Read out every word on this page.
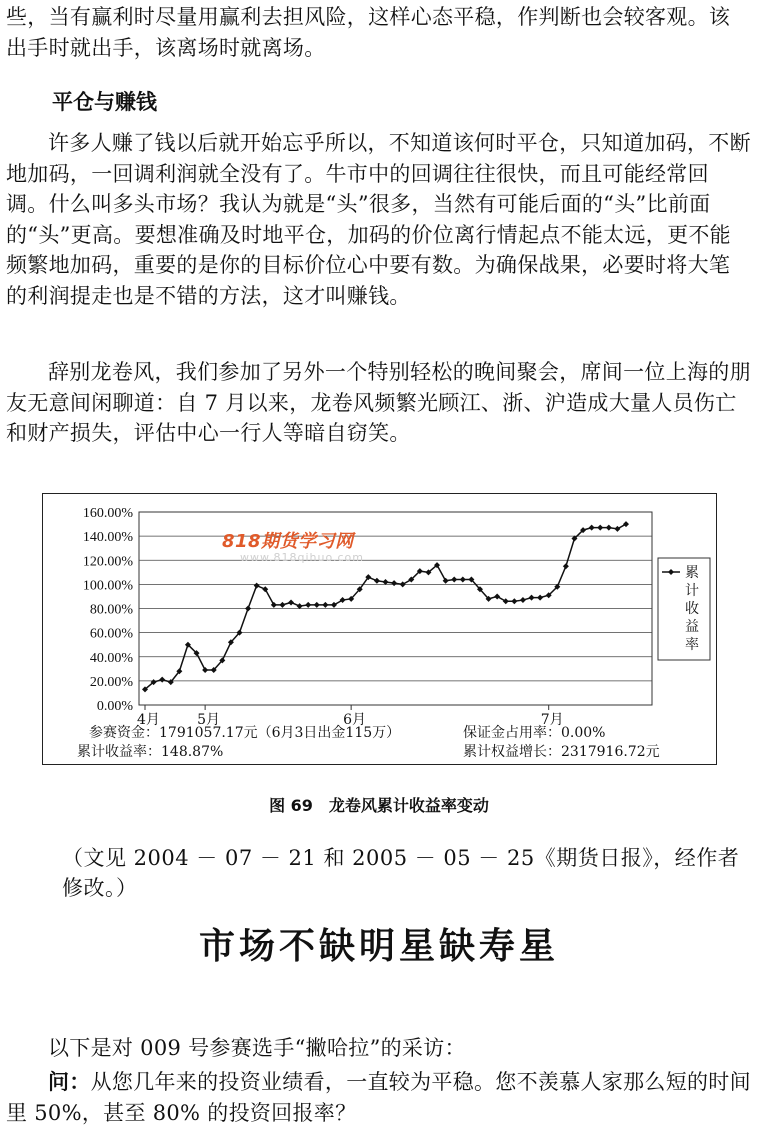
些，当有赢利时尽量用赢利去担风险，这样心态平稳，作判断也会较客观。该出手时就出手，该离场时就离场。

平仓与赚钱

许多人赚了钱以后就开始忘乎所以，不知道该何时平仓，只知道加码，不断地加码，一回调利润就全没有了。牛市中的回调往往很快，而且可能经常回调。什么叫多头市场？我认为就是“头”很多，当然有可能后面的“头”比前面的“头”更高。要想准确及时地平仓，加码的价位离行情起点不能太远，更不能频繁地加码，重要的是你的目标价位心中要有数。为确保战果，必要时将大笔的利润提走也是不错的方法，这才叫赚钱。

辞别龙卷风，我们参加了另外一个特别轻松的晚间聚会，席间一位上海的朋友无意间闲聊道：自 7 月以来，龙卷风频繁光顾江、浙、沪造成大量人员伤亡和财产损失，评估中心一行人等暗自窃笑。

0.00%
20.00%
40.00%
60.00%
80.00%
100.00%
120.00%
140.00%
160.00%
4月	5月	6月	7月
累
计
收
益
率
参赛资金：1791057.17元（6月3日出金115万）	保证金占用率：0.00%
累计收益率：148.87%	累计权益增长：2317916.72元
818期货学习网
www.818qihuo.com

图 69　龙卷风累计收益率变动

（文见 2004 － 07 － 21 和 2005 － 05 － 25《期货日报》，经作者修改。）

市场不缺明星缺寿星

以下是对 009 号参赛选手“撇哈拉”的采访：

问：从您几年来的投资业绩看，一直较为平稳。您不羡慕人家那么短的时间里 50%，甚至 80% 的投资回报率？
